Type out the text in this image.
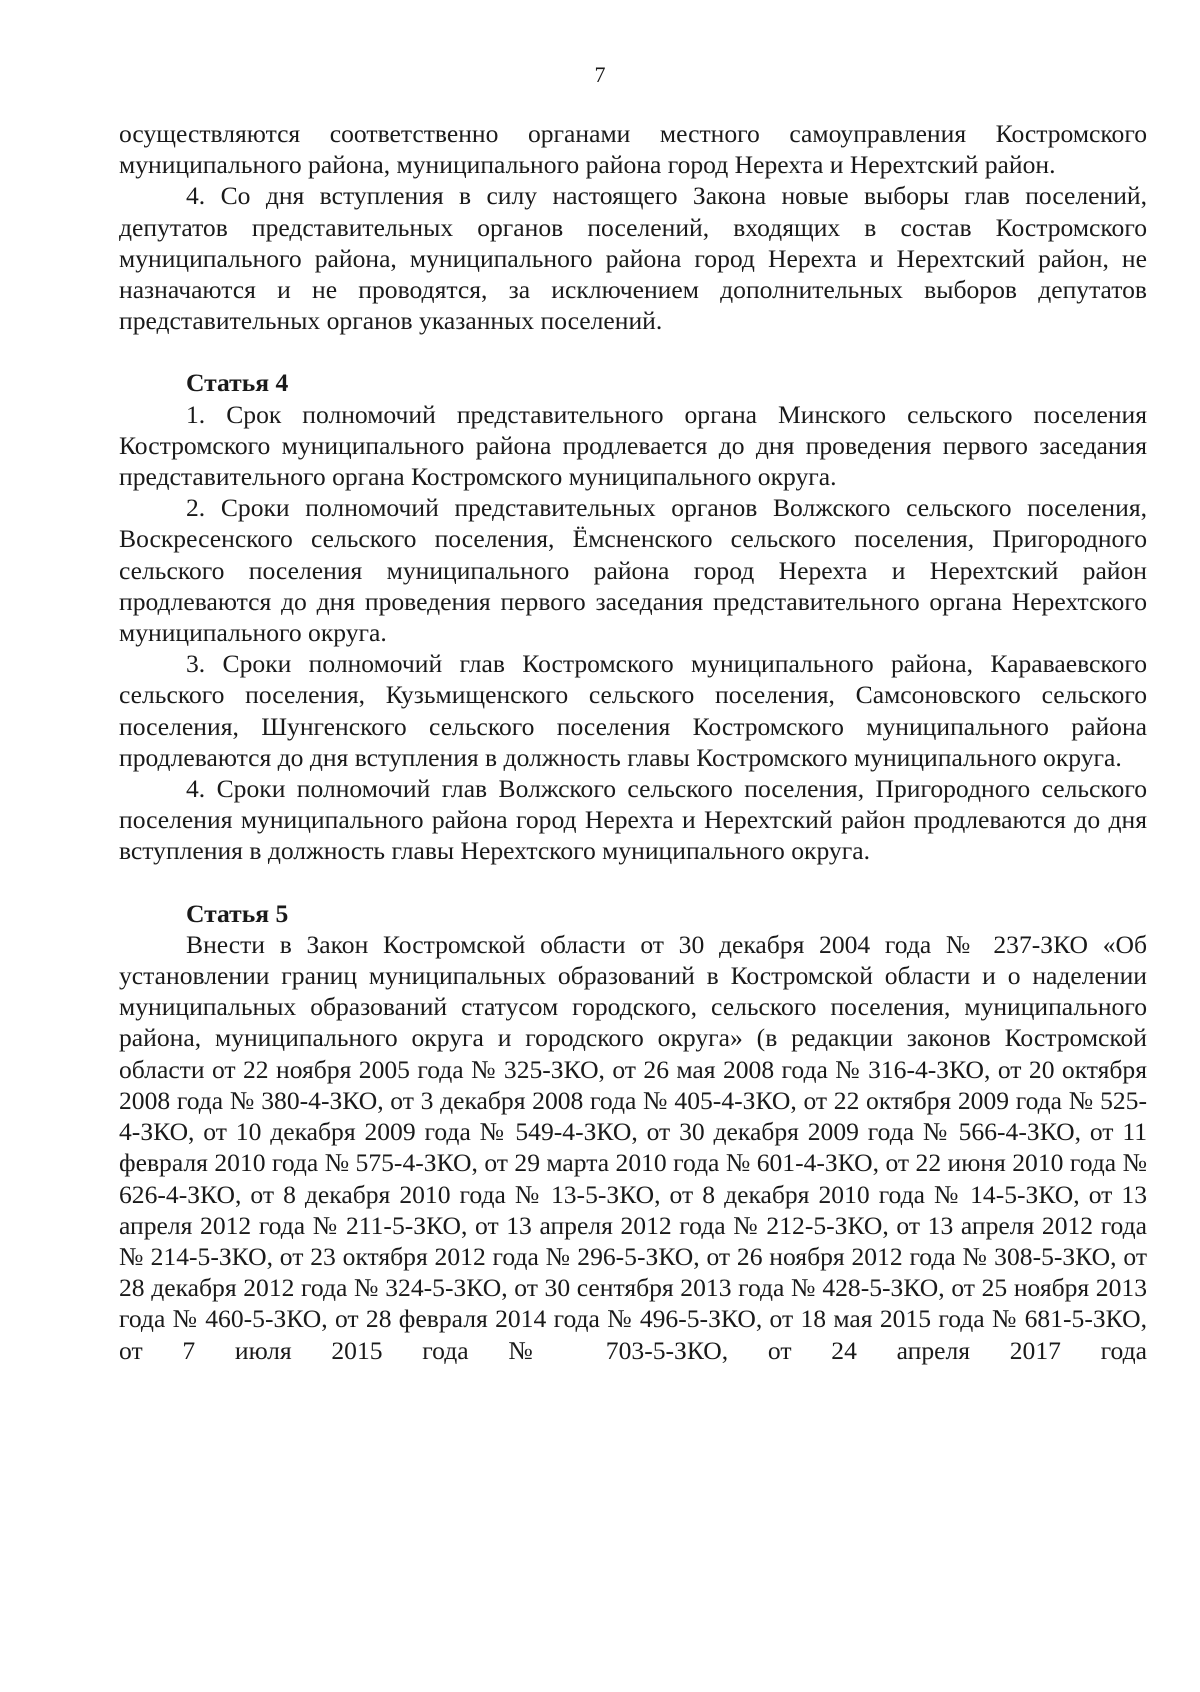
7

осуществляются соответственно органами местного самоуправления Костромского муниципального района, муниципального района город Нерехта и Нерехтский район.

4. Со дня вступления в силу настоящего Закона новые выборы глав поселений, депутатов представительных органов поселений, входящих в состав Костромского муниципального района, муниципального района город Нерехта и Нерехтский район, не назначаются и не проводятся, за исключением дополнительных выборов депутатов представительных органов указанных поселений.

Статья 4

1. Срок полномочий представительного органа Минского сельского поселения Костромского муниципального района продлевается до дня проведения первого заседания представительного органа Костромского муниципального округа.

2. Сроки полномочий представительных органов Волжского сельского поселения, Воскресенского сельского поселения, Ёмсненского сельского поселения, Пригородного сельского поселения муниципального района город Нерехта и Нерехтский район продлеваются до дня проведения первого заседания представительного органа Нерехтского муниципального округа.

3. Сроки полномочий глав Костромского муниципального района, Караваевского сельского поселения, Кузьмищенского сельского поселения, Самсоновского сельского поселения, Шунгенского сельского поселения Костромского муниципального района продлеваются до дня вступления в должность главы Костромского муниципального округа.

4. Сроки полномочий глав Волжского сельского поселения, Пригородного сельского поселения муниципального района город Нерехта и Нерехтский район продлеваются до дня вступления в должность главы Нерехтского муниципального округа.

Статья 5

Внести в Закон Костромской области от 30 декабря 2004 года № 237-ЗКО «Об установлении границ муниципальных образований в Костромской области и о наделении муниципальных образований статусом городского, сельского поселения, муниципального района, муниципального округа и городского округа» (в редакции законов Костромской области от 22 ноября 2005 года № 325-ЗКО, от 26 мая 2008 года № 316-4-ЗКО, от 20 октября 2008 года № 380-4-ЗКО, от 3 декабря 2008 года № 405-4-ЗКО, от 22 октября 2009 года № 525-4-ЗКО, от 10 декабря 2009 года № 549-4-ЗКО, от 30 декабря 2009 года № 566-4-ЗКО, от 11 февраля 2010 года № 575-4-ЗКО, от 29 марта 2010 года № 601-4-ЗКО, от 22 июня 2010 года № 626-4-ЗКО, от 8 декабря 2010 года № 13-5-ЗКО, от 8 декабря 2010 года № 14-5-ЗКО, от 13 апреля 2012 года № 211-5-ЗКО, от 13 апреля 2012 года № 212-5-ЗКО, от 13 апреля 2012 года № 214-5-ЗКО, от 23 октября 2012 года № 296-5-ЗКО, от 26 ноября 2012 года № 308-5-ЗКО, от 28 декабря 2012 года № 324-5-ЗКО, от 30 сентября 2013 года № 428-5-ЗКО, от 25 ноября 2013 года № 460-5-ЗКО, от 28 февраля 2014 года № 496-5-ЗКО, от 18 мая 2015 года № 681-5-ЗКО, от 7 июля 2015 года № 703-5-ЗКО, от 24 апреля 2017 года
